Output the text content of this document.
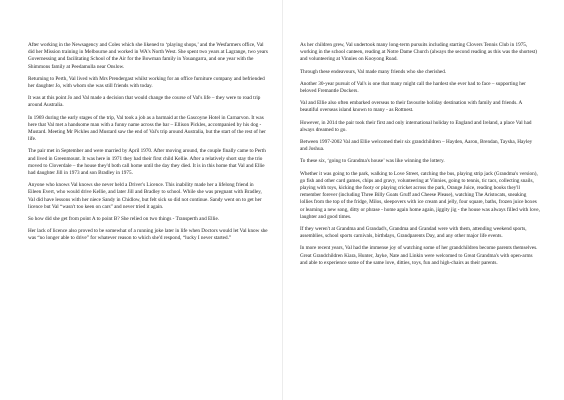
After working in the Newsagency and Coles which she likened to ‘playing shops,’ and the Wesfarmers office, Val did her Mission training in Melbourne and worked in WA's North West. She spent two years at Lagrange, two years Governessing and facilitating School of the Air for the Bowman family in Youangarra, and one year with the Shimmons family at Peedamulla near Onslow.

Returning to Perth, Val lived with Mrs Prendergast whilst working for an office furniture company and befriended her daughter Jo, with whom she was still friends with today.

It was at this point Jo and Val made a decision that would change the course of Val's life – they were to road trip around Australia.

In 1969 during the early stages of the trip, Val took a job as a barmaid at the Gascoyne Hotel in Carnarvon. It was here that Val met a handsome man with a funny name across the bar – Ellison Pickles, accompanied by his dog - Mustard. Meeting Mr Pickles and Mustard saw the end of Val's trip around Australia, but the start of the rest of her life.

The pair met in September and were married by April 1970. After moving around, the couple finally came to Perth and lived in Greenmount. It was here in 1971 they had their first child Kellie. After a relatively short stay the trio moved to Cloverdale – the house they'd both call home until the day they died. It is in this home that Val and Ellie had daughter Jill in 1973 and son Bradley in 1975.

Anyone who knows Val knows she never held a Driver's Licence. This inability made her a lifelong friend in Eileen Evert, who would drive Kellie, and later Jill and Bradley to school. While she was pregnant with Bradley, Val did have lessons with her niece Sandy in Chidlow, but felt sick so did not continue. Sandy went on to get her licence but Val “wasn't too keen on cars” and never tried it again.

So how did she get from point A to point B? She relied on two things - Transperth and Ellie.

Her lack of licence also proved to be somewhat of a running joke later in life when Doctors would let Val know she was “no longer able to drive” for whatever reason to which she'd respond, “lucky I never started.”

As her children grew, Val undertook many long-term pursuits including starting Clovers Tennis Club in 1975, working in the school canteen, reading at Notre Dame Church (always the second reading as this was the shortest) and volunteering at Vinnies on Kooyong Road.

Through these endeavours, Val made many friends who she cherished.

Another 30-year pursuit of Val's is one that many might call the hardest she ever had to face – supporting her beloved Fremantle Dockers.

Val and Ellie also often embarked overseas to their favourite holiday destination with family and friends. A beautiful overseas island known to many - as Rottnest.

However, in 2014 the pair took their first and only international holiday to England and Ireland, a place Val had always dreamed to go.

Between 1997-2002 Val and Ellie welcomed their six grandchildren – Hayden, Aaron, Brendan, Taysha, Hayley and Joshua.

To these six, ‘going to Grandma's house’ was like winning the lottery.

Whether it was going to the park, walking to Love Street, catching the bus, playing strip jack (Grandma's version), go fish and other card games, chips and gravy, volunteering at Vinnies, going to tennis, tic tacs, collecting snails, playing with toys, kicking the footy or playing cricket across the park, Orange Juice, reading books they'll remember forever (including Three Billy Goats Gruff and Cheese Please), watching The Aristocats, sneaking lollies from the top of the fridge, Milos, sleepovers with ice cream and jelly, four square, baths, frozen juice boxes or learning a new song, ditty or phrase - home again home again, jiggity jig - the house was always filled with love, laughter and good times.

If they weren't at Grandma and Grandad's, Grandma and Grandad were with them, attending weekend sports, assemblies, school sports carnivals, birthdays, Grandparents Day, and any other major life events.

In more recent years, Val had the immense joy of watching some of her grandchildren become parents themselves. Great Grandchildren Kiara, Hunter, Jayke, Nate and Linkin were welcomed to Great Grandma's with open-arms and able to experience some of the same love, ditties, toys, fun and high-chairs as their parents.
